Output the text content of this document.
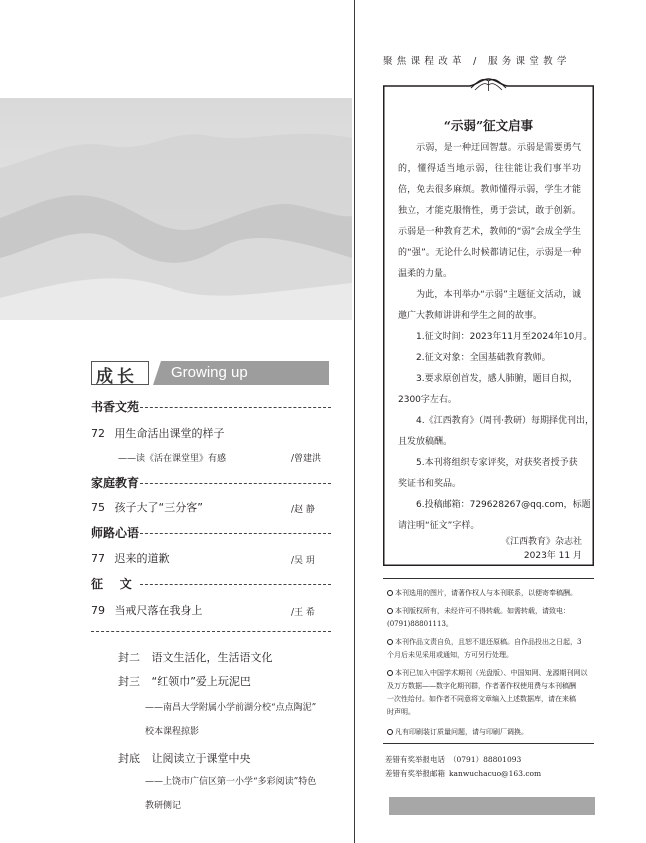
成长 Growing up
书香文苑
72 用生命活出课堂的样子
——读《活在课堂里》有感	/曾建洪
家庭教育
75 孩子大了“三分客”	/赵 静
师路心语
77 迟来的道歉	/吴 玥
征    文
79 当戒尺落在我身上	/王 希
封二 语文生活化，生活语文化
封三 “红领巾”爱上玩泥巴
——南昌大学附属小学前湖分校“点点陶泥”
校本课程掠影
封底 让阅读立于课堂中央
——上饶市广信区第一小学“多彩阅读”特色
教研侧记
聚焦课程改革 / 服务课堂教学
“示弱”征文启事
示弱，是一种迂回智慧。示弱是需要勇气的，懂得适当地示弱，往往能让我们事半功倍，免去很多麻烦。教师懂得示弱，学生才能独立，才能克服惰性，勇于尝试，敢于创新。示弱是一种教育艺术，教师的“弱”会成全学生的“强”。无论什么时候都请记住，示弱是一种温柔的力量。
为此，本刊举办“示弱”主题征文活动，诚邀广大教师讲讲和学生之间的故事。
1.征文时间：2023年11月至2024年10月。
2.征文对象：全国基础教育教师。
3.要求原创首发，感人肺腑，题目自拟，
2300字左右。
4.《江西教育》（周刊·教研）每期择优刊出，
且发放稿酬。
5.本刊将组织专家评奖，对获奖者授予获
奖证书和奖品。
6.投稿邮箱：729628267@qq.com，标题
请注明“征文”字样。
《江西教育》杂志社
2023年 11 月
本刊选用的图片，请著作权人与本刊联系，以便寄奉稿酬。
本刊版权所有，未经许可不得转载。如需转载，请致电：
(0791)88801113。
本刊作品文责自负，且恕不退还原稿。自作品投出之日起，3
个月后未见采用或通知，方可另行处理。
本刊已加入中国学术期刊（光盘版）、中国知网、龙源期刊网以
及万方数据——数字化期刊群，作者著作权使用费与本刊稿酬
一次性给付。如作者不同意将文章编入上述数据库，请在来稿
时声明。
凡有印刷装订质量问题，请与印刷厂调换。
差错有奖举报电话 （0791）88801093
差错有奖举报邮箱 kanwuchacuo@163.com
